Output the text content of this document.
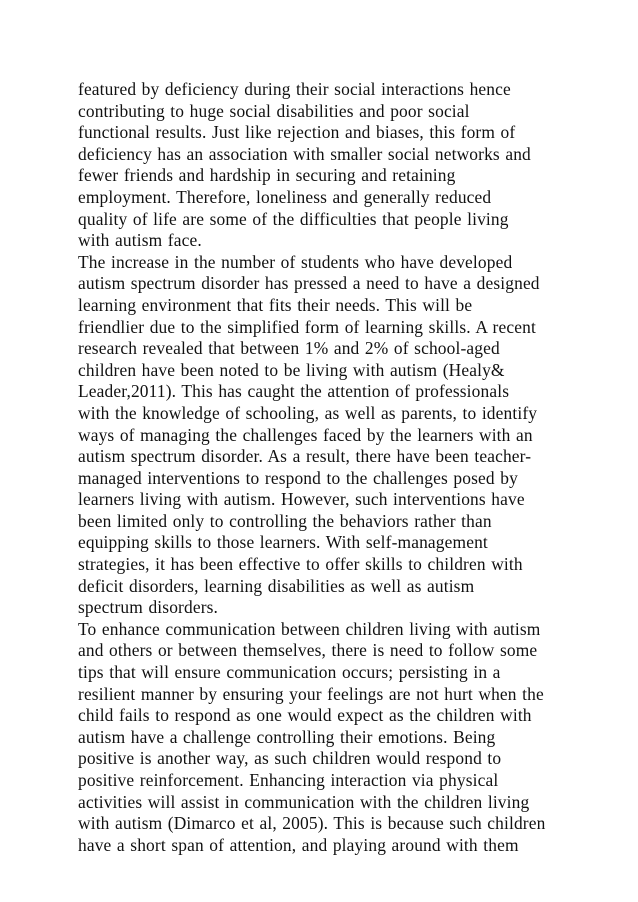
featured by deficiency during their social interactions hence
contributing to huge social disabilities and poor social
functional results. Just like rejection and biases, this form of
deficiency has an association with smaller social networks and
fewer friends and hardship in securing and retaining
employment. Therefore, loneliness and generally reduced
quality of life are some of the difficulties that people living
with autism face.
The increase in the number of students who have developed
autism spectrum disorder has pressed a need to have a designed
learning environment that fits their needs. This will be
friendlier due to the simplified form of learning skills. A recent
research revealed that between 1% and 2% of school-aged
children have been noted to be living with autism (Healy&
Leader,2011). This has caught the attention of professionals
with the knowledge of schooling, as well as parents, to identify
ways of managing the challenges faced by the learners with an
autism spectrum disorder. As a result, there have been teacher-
managed interventions to respond to the challenges posed by
learners living with autism. However, such interventions have
been limited only to controlling the behaviors rather than
equipping skills to those learners. With self-management
strategies, it has been effective to offer skills to children with
deficit disorders, learning disabilities as well as autism
spectrum disorders.
To enhance communication between children living with autism
and others or between themselves, there is need to follow some
tips that will ensure communication occurs; persisting in a
resilient manner by ensuring your feelings are not hurt when the
child fails to respond as one would expect as the children with
autism have a challenge controlling their emotions. Being
positive is another way, as such children would respond to
positive reinforcement. Enhancing interaction via physical
activities will assist in communication with the children living
with autism (Dimarco et al, 2005). This is because such children
have a short span of attention, and playing around with them
